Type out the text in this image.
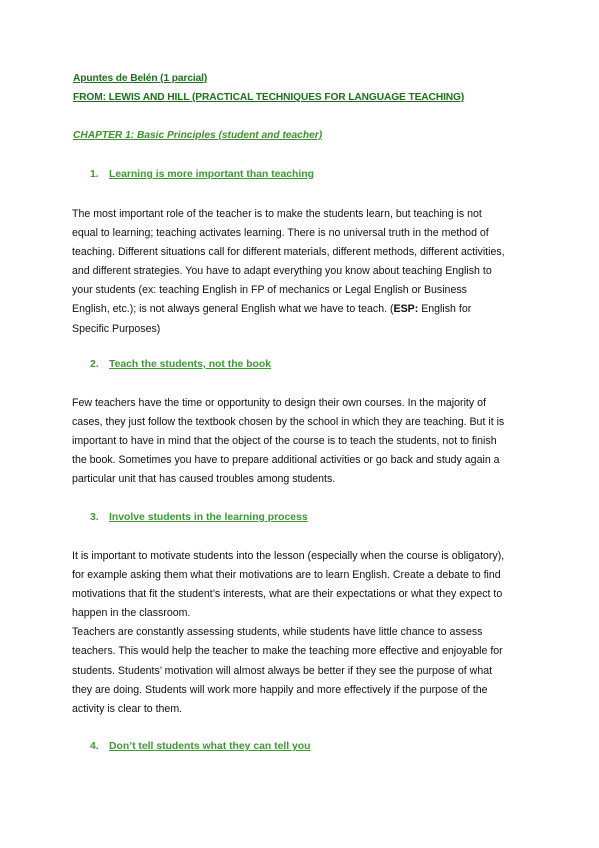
Apuntes de Belén (1 parcial)
FROM: LEWIS AND HILL (PRACTICAL TECHNIQUES FOR LANGUAGE TEACHING)
CHAPTER 1: Basic Principles (student and teacher)
1. Learning is more important than teaching
The most important role of the teacher is to make the students learn, but teaching is not
equal to learning; teaching activates learning. There is no universal truth in the method of
teaching. Different situations call for different materials, different methods, different activities,
and different strategies. You have to adapt everything you know about teaching English to
your students (ex: teaching English in FP of mechanics or Legal English or Business
English, etc.); is not always general English what we have to teach. (ESP: English for
Specific Purposes)
2. Teach the students, not the book
Few teachers have the time or opportunity to design their own courses. In the majority of
cases, they just follow the textbook chosen by the school in which they are teaching. But it is
important to have in mind that the object of the course is to teach the students, not to finish
the book. Sometimes you have to prepare additional activities or go back and study again a
particular unit that has caused troubles among students.
3. Involve students in the learning process
It is important to motivate students into the lesson (especially when the course is obligatory),
for example asking them what their motivations are to learn English. Create a debate to find
motivations that fit the student’s interests, what are their expectations or what they expect to
happen in the classroom.
Teachers are constantly assessing students, while students have little chance to assess
teachers. This would help the teacher to make the teaching more effective and enjoyable for
students. Students’ motivation will almost always be better if they see the purpose of what
they are doing. Students will work more happily and more effectively if the purpose of the
activity is clear to them.
4. Don’t tell students what they can tell you
